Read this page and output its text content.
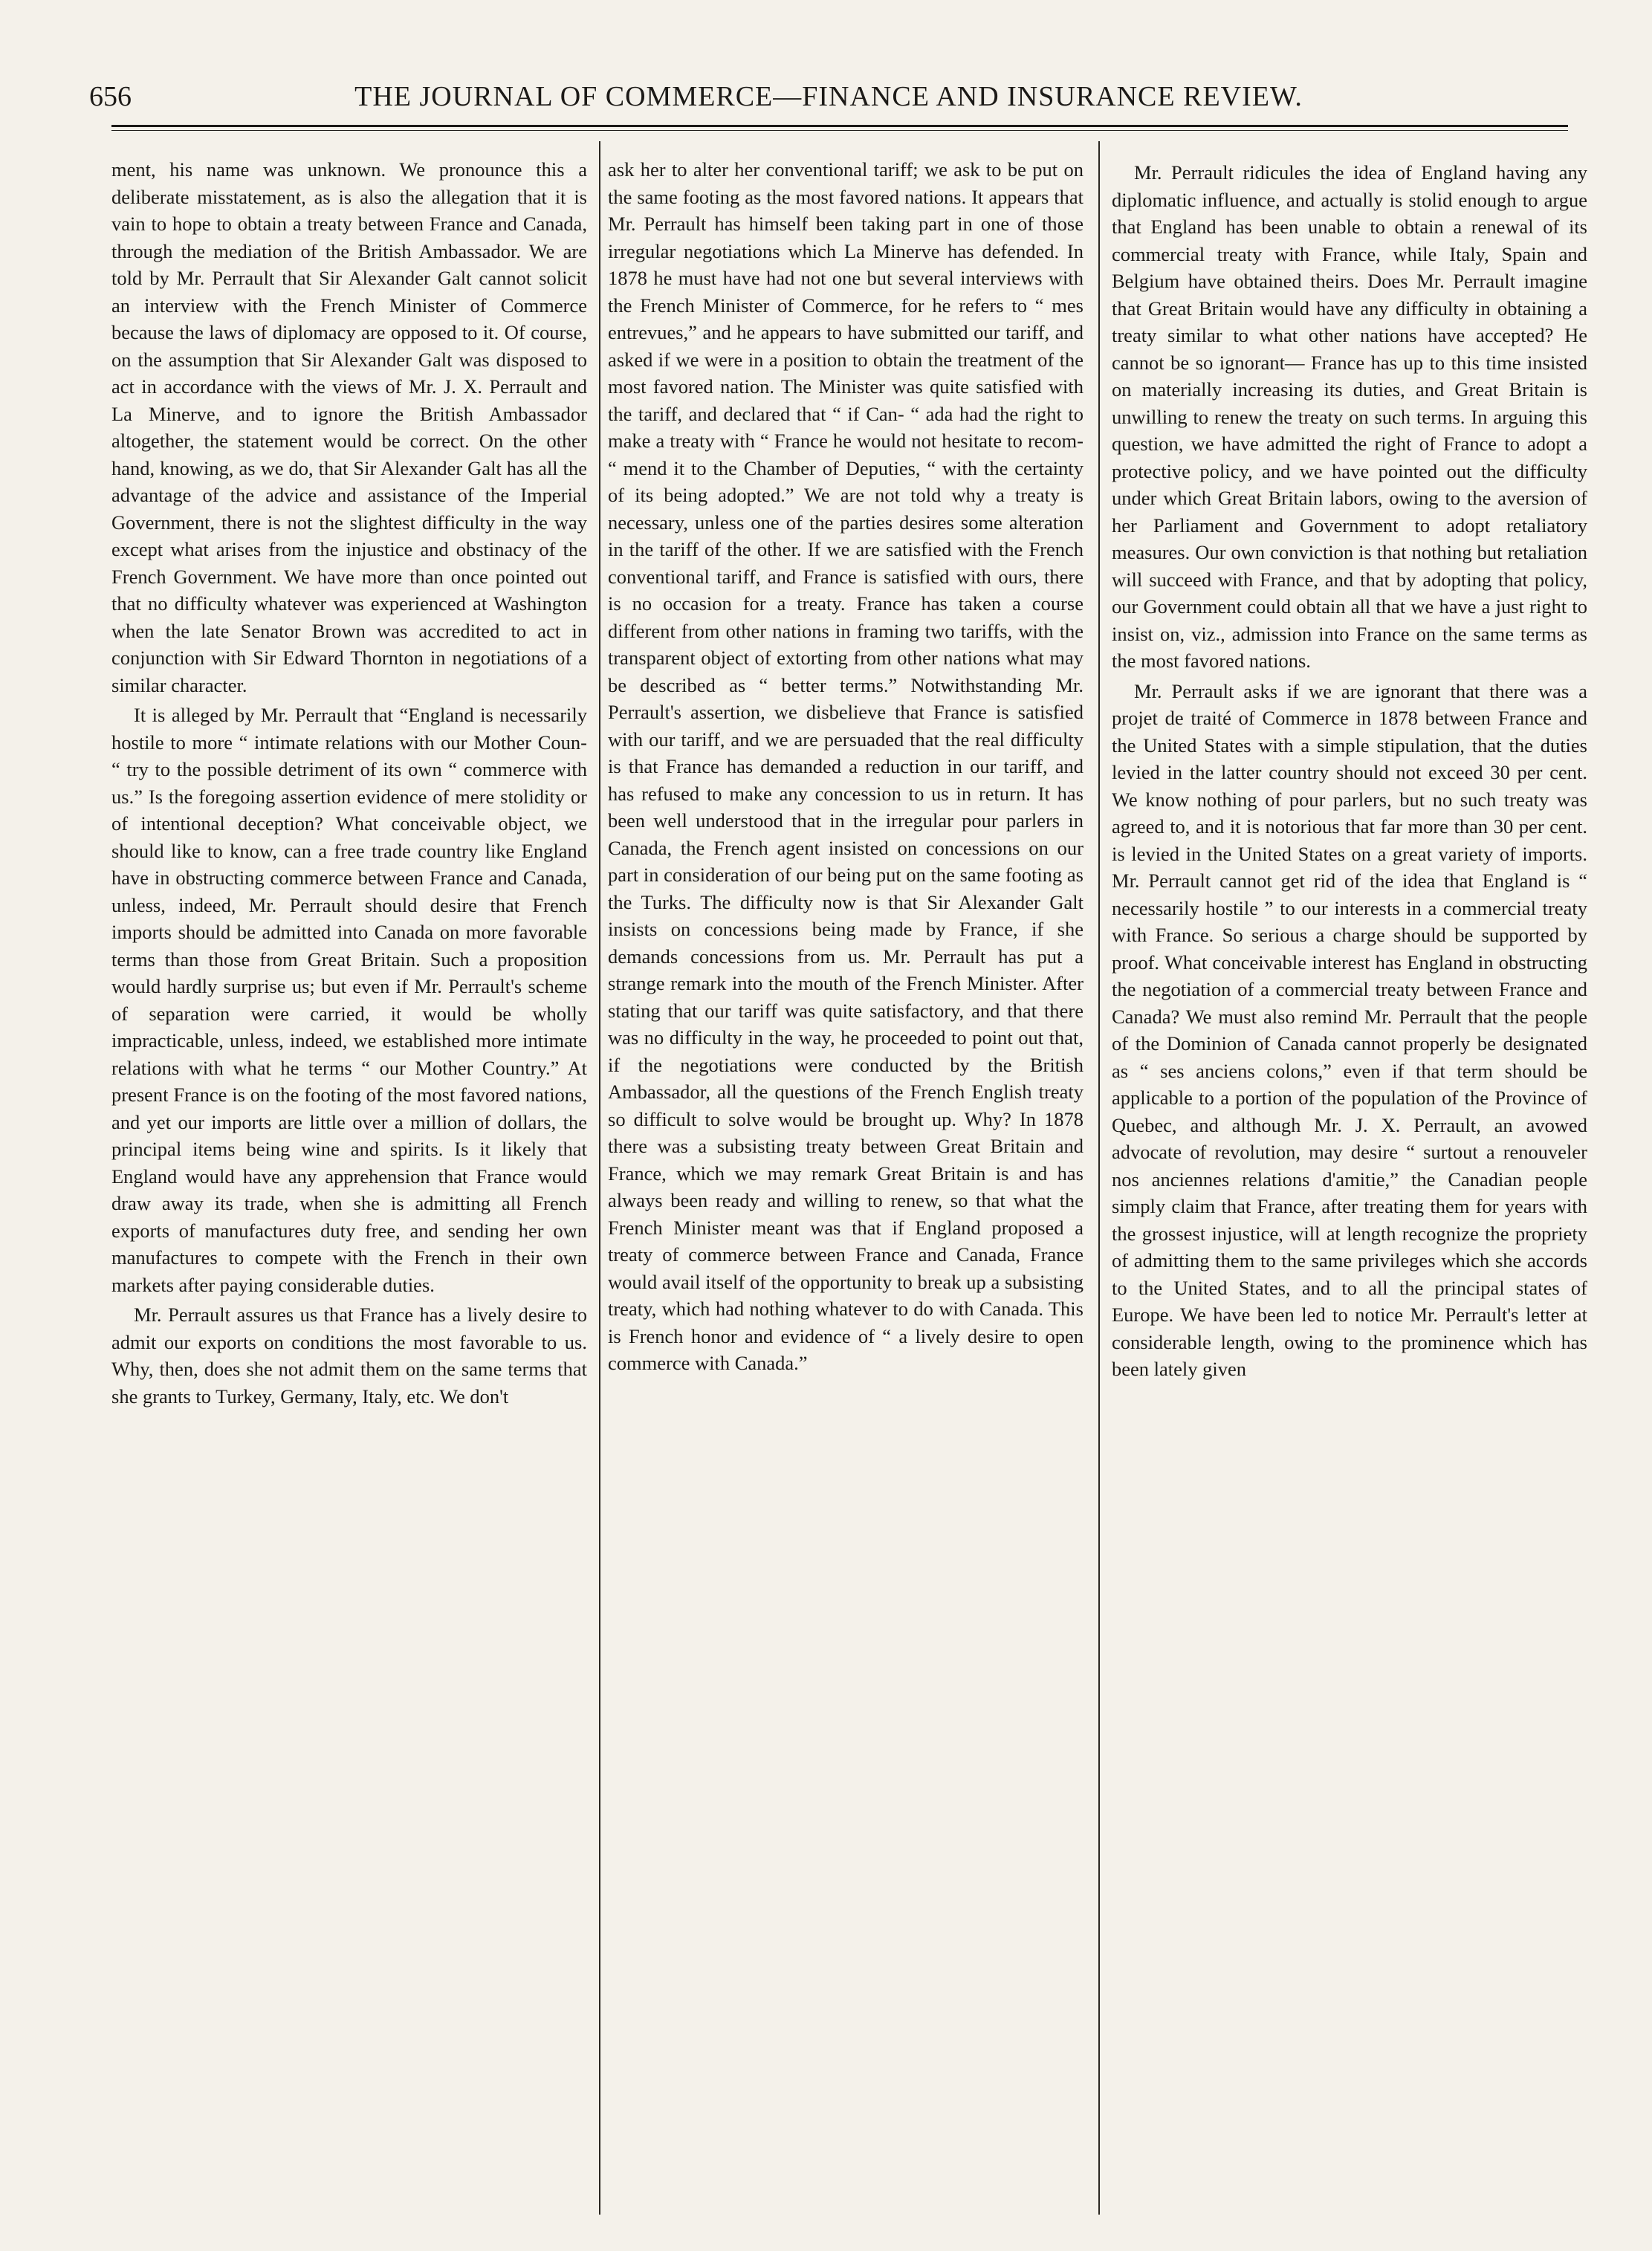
656	THE JOURNAL OF COMMERCE—FINANCE AND INSURANCE REVIEW.

ment, his name was unknown. We pronounce this a deliberate misstatement, as is also the allegation that it is vain to hope to obtain a treaty between France and Canada, through the mediation of the British Ambassador. We are told by Mr. Perrault that Sir Alexander Galt cannot solicit an interview with the French Minister of Commerce because the laws of diplomacy are opposed to it. Of course, on the assumption that Sir Alexander Galt was disposed to act in accordance with the views of Mr. J. X. Perrault and La Minerve, and to ignore the British Ambassador altogether, the statement would be correct. On the other hand, knowing, as we do, that Sir Alexander Galt has all the advantage of the advice and assistance of the Imperial Government, there is not the slightest difficulty in the way except what arises from the injustice and obstinacy of the French Government. We have more than once pointed out that no difficulty whatever was experienced at Washington when the late Senator Brown was accredited to act in conjunction with Sir Edward Thornton in negotiations of a similar character.

It is alleged by Mr. Perrault that “England is necessarily hostile to more “ intimate relations with our Mother Coun- “ try to the possible detriment of its own “ commerce with us.” Is the foregoing assertion evidence of mere stolidity or of intentional deception? What conceivable object, we should like to know, can a free trade country like England have in obstructing commerce between France and Canada, unless, indeed, Mr. Perrault should desire that French imports should be admitted into Canada on more favorable terms than those from Great Britain. Such a proposition would hardly surprise us; but even if Mr. Perrault's scheme of separation were carried, it would be wholly impracticable, unless, indeed, we established more intimate relations with what he terms “ our Mother Country.” At present France is on the footing of the most favored nations, and yet our imports are little over a million of dollars, the principal items being wine and spirits. Is it likely that England would have any apprehension that France would draw away its trade, when she is admitting all French exports of manufactures duty free, and sending her own manufactures to compete with the French in their own markets after paying considerable duties.

Mr. Perrault assures us that France has a lively desire to admit our exports on conditions the most favorable to us. Why, then, does she not admit them on the same terms that she grants to Turkey, Germany, Italy, etc. We don't

ask her to alter her conventional tariff; we ask to be put on the same footing as the most favored nations. It appears that Mr. Perrault has himself been taking part in one of those irregular negotiations which La Minerve has defended. In 1878 he must have had not one but several interviews with the French Minister of Commerce, for he refers to “ mes entrevues,” and he appears to have submitted our tariff, and asked if we were in a position to obtain the treatment of the most favored nation. The Minister was quite satisfied with the tariff, and declared that “ if Can- “ ada had the right to make a treaty with “ France he would not hesitate to recom- “ mend it to the Chamber of Deputies, “ with the certainty of its being adopted.” We are not told why a treaty is necessary, unless one of the parties desires some alteration in the tariff of the other. If we are satisfied with the French conventional tariff, and France is satisfied with ours, there is no occasion for a treaty. France has taken a course different from other nations in framing two tariffs, with the transparent object of extorting from other nations what may be described as “ better terms.” Notwithstanding Mr. Perrault's assertion, we disbelieve that France is satisfied with our tariff, and we are persuaded that the real difficulty is that France has demanded a reduction in our tariff, and has refused to make any concession to us in return. It has been well understood that in the irregular pour parlers in Canada, the French agent insisted on concessions on our part in consideration of our being put on the same footing as the Turks. The difficulty now is that Sir Alexander Galt insists on concessions being made by France, if she demands concessions from us. Mr. Perrault has put a strange remark into the mouth of the French Minister. After stating that our tariff was quite satisfactory, and that there was no difficulty in the way, he proceeded to point out that, if the negotiations were conducted by the British Ambassador, all the questions of the French English treaty so difficult to solve would be brought up. Why? In 1878 there was a subsisting treaty between Great Britain and France, which we may remark Great Britain is and has always been ready and willing to renew, so that what the French Minister meant was that if England proposed a treaty of commerce between France and Canada, France would avail itself of the opportunity to break up a subsisting treaty, which had nothing whatever to do with Canada. This is French honor and evidence of “ a lively desire to open commerce with Canada.”

Mr. Perrault ridicules the idea of England having any diplomatic influence, and actually is stolid enough to argue that England has been unable to obtain a renewal of its commercial treaty with France, while Italy, Spain and Belgium have obtained theirs. Does Mr. Perrault imagine that Great Britain would have any difficulty in obtaining a treaty similar to what other nations have accepted? He cannot be so ignorant— France has up to this time insisted on materially increasing its duties, and Great Britain is unwilling to renew the treaty on such terms. In arguing this question, we have admitted the right of France to adopt a protective policy, and we have pointed out the difficulty under which Great Britain labors, owing to the aversion of her Parliament and Government to adopt retaliatory measures. Our own conviction is that nothing but retaliation will succeed with France, and that by adopting that policy, our Government could obtain all that we have a just right to insist on, viz., admission into France on the same terms as the most favored nations.

Mr. Perrault asks if we are ignorant that there was a projet de traité of Commerce in 1878 between France and the United States with a simple stipulation, that the duties levied in the latter country should not exceed 30 per cent. We know nothing of pour parlers, but no such treaty was agreed to, and it is notorious that far more than 30 per cent. is levied in the United States on a great variety of imports. Mr. Perrault cannot get rid of the idea that England is “ necessarily hostile ” to our interests in a commercial treaty with France. So serious a charge should be supported by proof. What conceivable interest has England in obstructing the negotiation of a commercial treaty between France and Canada? We must also remind Mr. Perrault that the people of the Dominion of Canada cannot properly be designated as “ ses anciens colons,” even if that term should be applicable to a portion of the population of the Province of Quebec, and although Mr. J. X. Perrault, an avowed advocate of revolution, may desire “ surtout a renouveler nos anciennes relations d'amitie,” the Canadian people simply claim that France, after treating them for years with the grossest injustice, will at length recognize the propriety of admitting them to the same privileges which she accords to the United States, and to all the principal states of Europe. We have been led to notice Mr. Perrault's letter at considerable length, owing to the prominence which has been lately given
